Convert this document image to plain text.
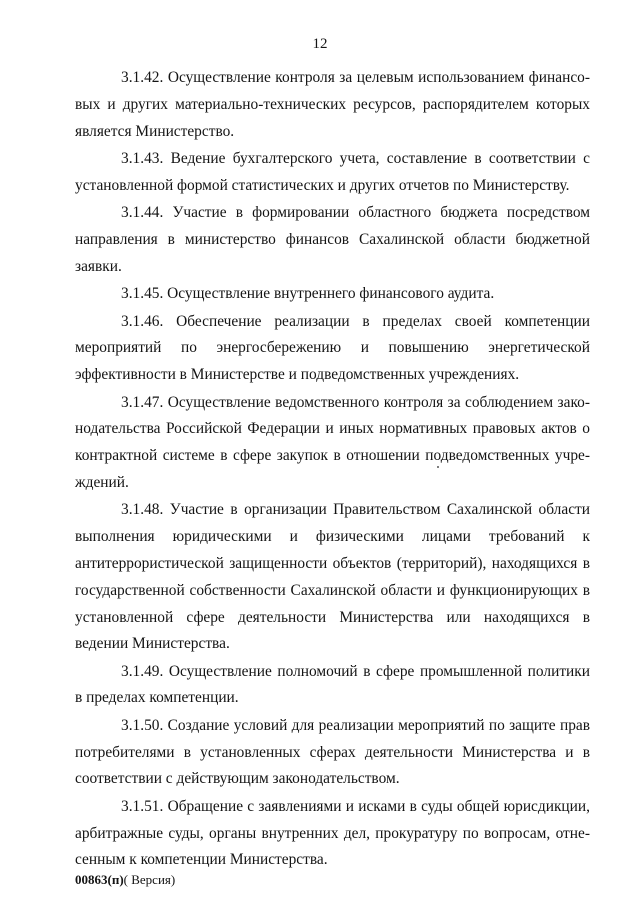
12

3.1.42. Осуществление контроля за целевым использованием финансовых и других материально-технических ресурсов, распорядителем которых является Министерство.

3.1.43. Ведение бухгалтерского учета, составление в соответствии с установленной формой статистических и других отчетов по Министерству.

3.1.44. Участие в формировании областного бюджета посредством направления в министерство финансов Сахалинской области бюджетной заявки.

3.1.45. Осуществление внутреннего финансового аудита.

3.1.46. Обеспечение реализации в пределах своей компетенции мероприятий по энергосбережению и повышению энергетической эффективности в Министерстве и подведомственных учреждениях.

3.1.47. Осуществление ведомственного контроля за соблюдением законодательства Российской Федерации и иных нормативных правовых актов о контрактной системе в сфере закупок в отношении подведомственных учреждений.

3.1.48. Участие в организации Правительством Сахалинской области выполнения юридическими и физическими лицами требований к антитеррористической защищенности объектов (территорий), находящихся в государственной собственности Сахалинской области и функционирующих в установленной сфере деятельности Министерства или находящихся в ведении Министерства.

3.1.49. Осуществление полномочий в сфере промышленной политики в пределах компетенции.

3.1.50. Создание условий для реализации мероприятий по защите прав потребителями в установленных сферах деятельности Министерства и в соответствии с действующим законодательством.

3.1.51. Обращение с заявлениями и исками в суды общей юрисдикции, арбитражные суды, органы внутренних дел, прокуратуру по вопросам, отнесенным к компетенции Министерства.

00863(п)( Версия)
